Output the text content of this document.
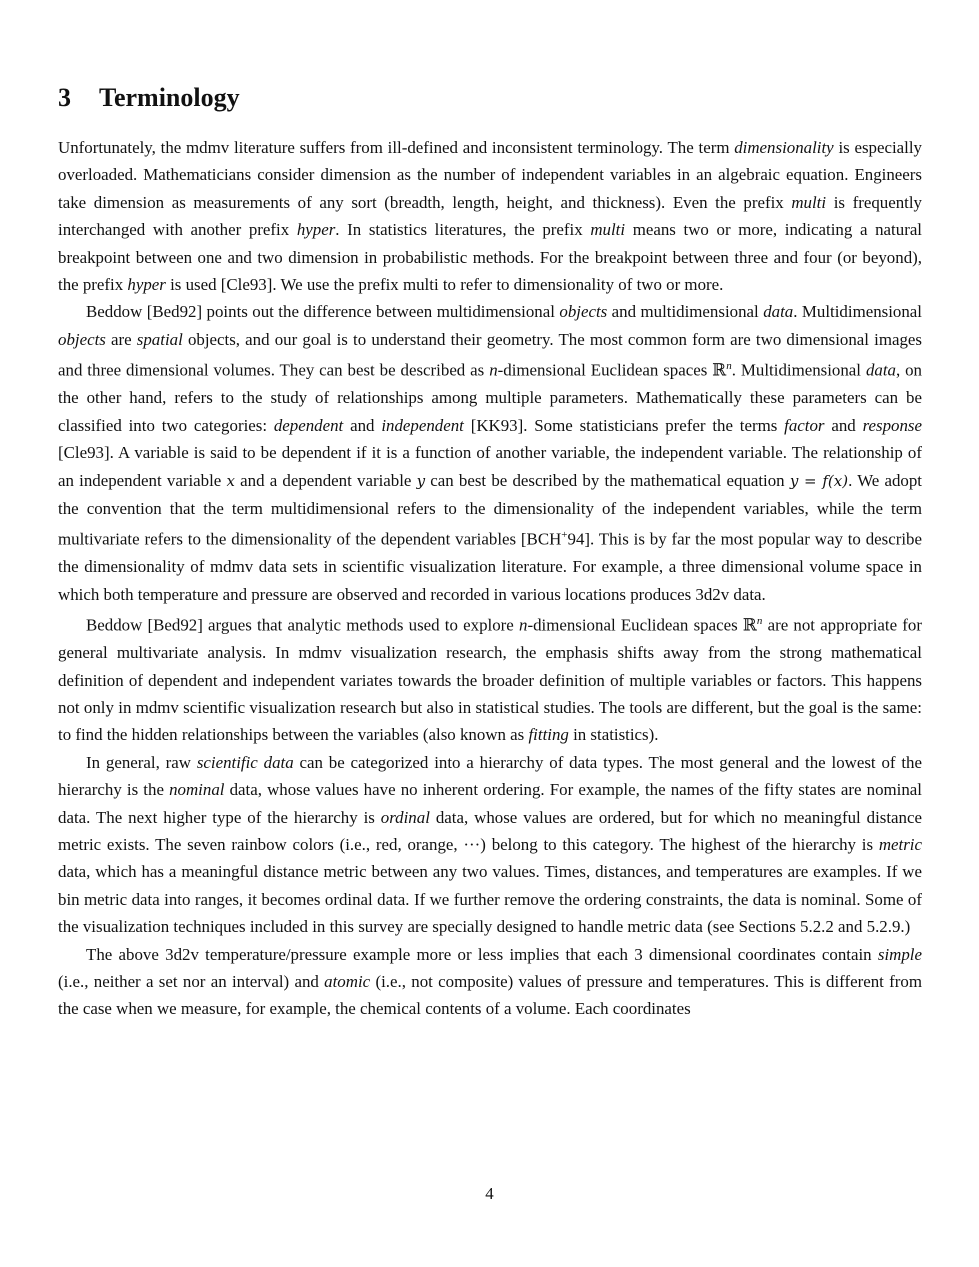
3 Terminology

Unfortunately, the mdmv literature suffers from ill-defined and inconsistent terminology. The term dimensionality is especially overloaded. Mathematicians consider dimension as the number of independent variables in an algebraic equation. Engineers take dimension as measurements of any sort (breadth, length, height, and thickness). Even the prefix multi is frequently interchanged with another prefix hyper. In statistics literatures, the prefix multi means two or more, indicating a natural breakpoint between one and two dimension in probabilistic methods. For the breakpoint between three and four (or beyond), the prefix hyper is used [Cle93]. We use the prefix multi to refer to dimensionality of two or more.

Beddow [Bed92] points out the difference between multidimensional objects and multidimensional data. Multidimensional objects are spatial objects, and our goal is to understand their geometry. The most common form are two dimensional images and three dimensional volumes. They can best be described as n-dimensional Euclidean spaces ℝ$^n$. Multidimensional data, on the other hand, refers to the study of relationships among multiple parameters. Mathematically these parameters can be classified into two categories: dependent and independent [KK93]. Some statisticians prefer the terms factor and response [Cle93]. A variable is said to be dependent if it is a function of another variable, the independent variable. The relationship of an independent variable x and a dependent variable y can best be described by the mathematical equation y = f(x). We adopt the convention that the term multidimensional refers to the dimensionality of the independent variables, while the term multivariate refers to the dimensionality of the dependent variables [BCH+94]. This is by far the most popular way to describe the dimensionality of mdmv data sets in scientific visualization literature. For example, a three dimensional volume space in which both temperature and pressure are observed and recorded in various locations produces 3d2v data.

Beddow [Bed92] argues that analytic methods used to explore n-dimensional Euclidean spaces ℝ$^n$ are not appropriate for general multivariate analysis. In mdmv visualization research, the emphasis shifts away from the strong mathematical definition of dependent and independent variates towards the broader definition of multiple variables or factors. This happens not only in mdmv scientific visualization research but also in statistical studies. The tools are different, but the goal is the same: to find the hidden relationships between the variables (also known as fitting in statistics).

In general, raw scientific data can be categorized into a hierarchy of data types. The most general and the lowest of the hierarchy is the nominal data, whose values have no inherent ordering. For example, the names of the fifty states are nominal data. The next higher type of the hierarchy is ordinal data, whose values are ordered, but for which no meaningful distance metric exists. The seven rainbow colors (i.e., red, orange, ···) belong to this category. The highest of the hierarchy is metric data, which has a meaningful distance metric between any two values. Times, distances, and temperatures are examples. If we bin metric data into ranges, it becomes ordinal data. If we further remove the ordering constraints, the data is nominal. Some of the visualization techniques included in this survey are specially designed to handle metric data (see Sections 5.2.2 and 5.2.9.)

The above 3d2v temperature/pressure example more or less implies that each 3 dimensional coordinates contain simple (i.e., neither a set nor an interval) and atomic (i.e., not composite) values of pressure and temperatures. This is different from the case when we measure, for example, the chemical contents of a volume. Each coordinates

4
